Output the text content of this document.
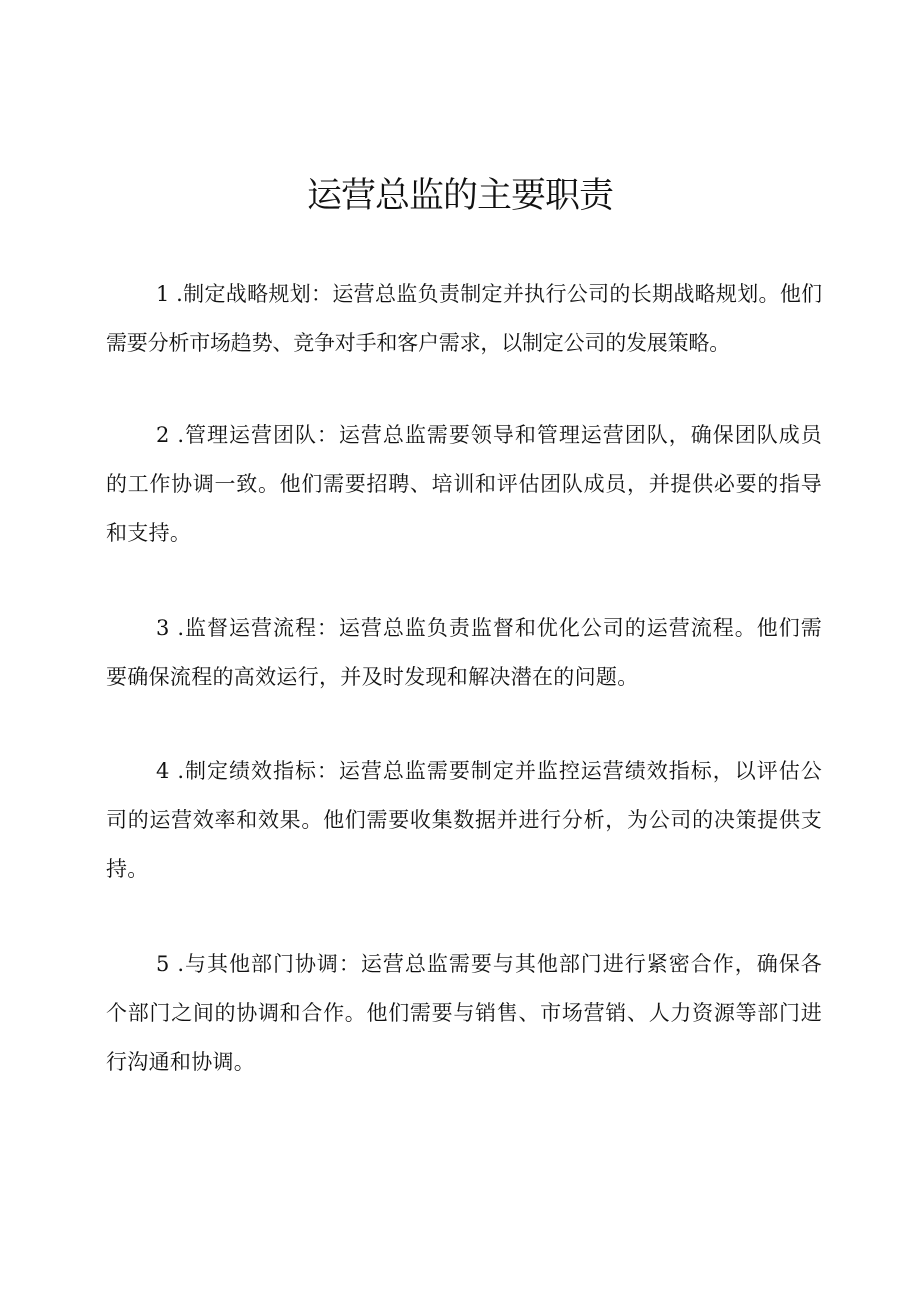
运营总监的主要职责

1 .制定战略规划：运营总监负责制定并执行公司的长期战略规划。他们需要分析市场趋势、竞争对手和客户需求，以制定公司的发展策略。

2 .管理运营团队：运营总监需要领导和管理运营团队，确保团队成员的工作协调一致。他们需要招聘、培训和评估团队成员，并提供必要的指导和支持。

3 .监督运营流程：运营总监负责监督和优化公司的运营流程。他们需要确保流程的高效运行，并及时发现和解决潜在的问题。

4 .制定绩效指标：运营总监需要制定并监控运营绩效指标，以评估公司的运营效率和效果。他们需要收集数据并进行分析，为公司的决策提供支持。

5 .与其他部门协调：运营总监需要与其他部门进行紧密合作，确保各个部门之间的协调和合作。他们需要与销售、市场营销、人力资源等部门进行沟通和协调。
